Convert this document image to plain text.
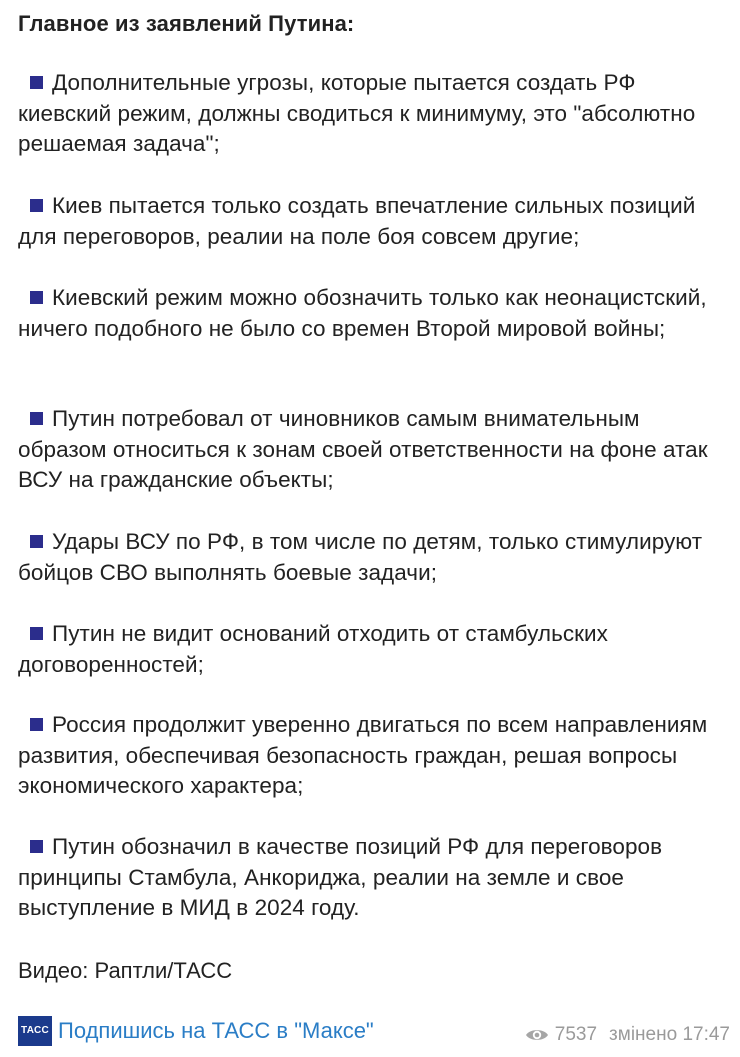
Главное из заявлений Путина:
Дополнительные угрозы, которые пытается создать РФ киевский режим, должны сводиться к минимуму, это "абсолютно решаемая задача";
Киев пытается только создать впечатление сильных позиций для переговоров, реалии на поле боя совсем другие;
Киевский режим можно обозначить только как неонацистский, ничего подобного не было со времен Второй мировой войны;
Путин потребовал от чиновников самым внимательным образом относиться к зонам своей ответственности на фоне атак ВСУ на гражданские объекты;
Удары ВСУ по РФ, в том числе по детям, только стимулируют бойцов СВО выполнять боевые задачи;
Путин не видит оснований отходить от стамбульских договоренностей;
Россия продолжит уверенно двигаться по всем направлениям развития, обеспечивая безопасность граждан, решая вопросы экономического характера;
Путин обозначил в качестве позиций РФ для переговоров принципы Стамбула, Анкориджа, реалии на земле и свое выступление в МИД в 2024 году.
Видео: Раптли/ТАСС
ТАСС Подпишись на ТАСС в "Максе"	7537 змінено 17:47
